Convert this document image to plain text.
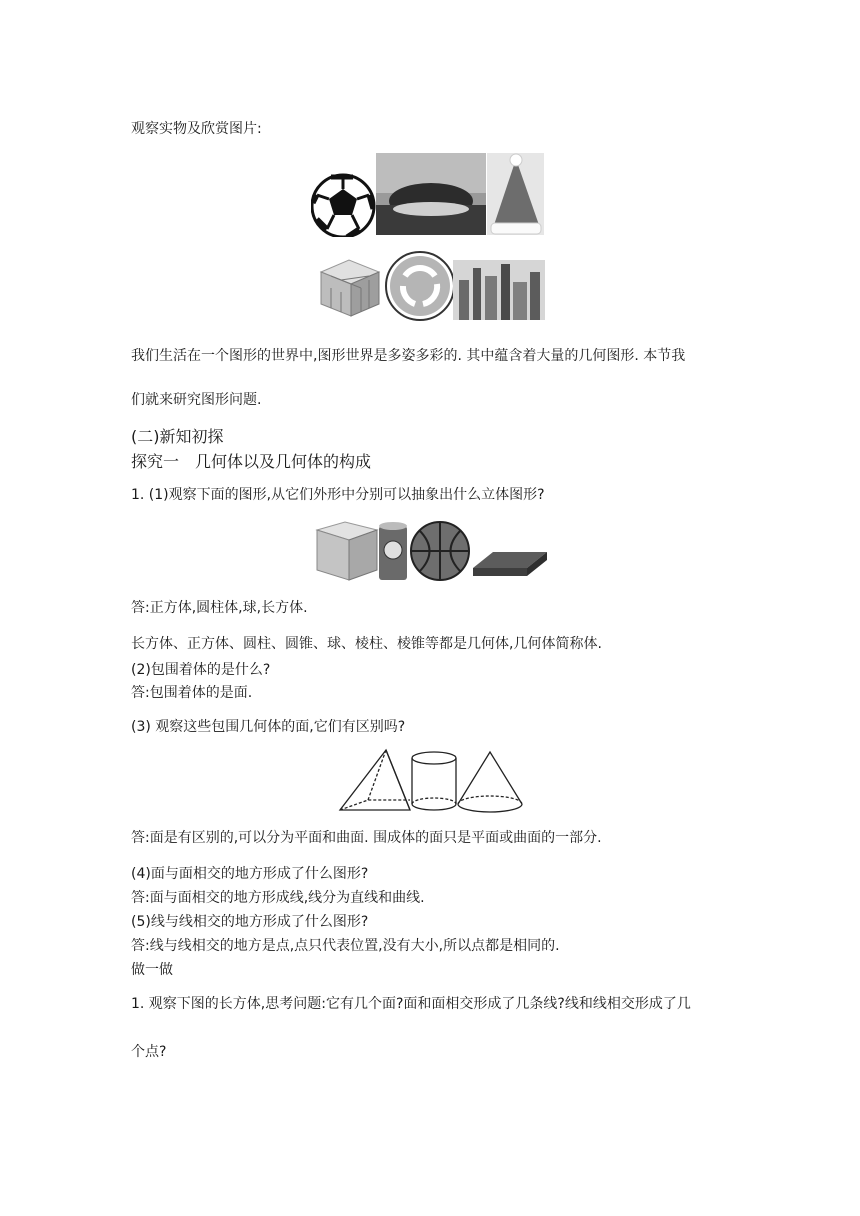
观察实物及欣赏图片:
我们生活在一个图形的世界中,图形世界是多姿多彩的. 其中蕴含着大量的几何图形. 本节我
们就来研究图形问题.
(二)新知初探
探究一　几何体以及几何体的构成
1. (1)观察下面的图形,从它们外形中分别可以抽象出什么立体图形?
答:正方体,圆柱体,球,长方体.
长方体、正方体、圆柱、圆锥、球、棱柱、棱锥等都是几何体,几何体简称体.
(2)包围着体的是什么?
答:包围着体的是面.
(3) 观察这些包围几何体的面,它们有区别吗?
答:面是有区别的,可以分为平面和曲面. 围成体的面只是平面或曲面的一部分.
(4)面与面相交的地方形成了什么图形?
答:面与面相交的地方形成线,线分为直线和曲线.
(5)线与线相交的地方形成了什么图形?
答:线与线相交的地方是点,点只代表位置,没有大小,所以点都是相同的.
做一做
1. 观察下图的长方体,思考问题:它有几个面?面和面相交形成了几条线?线和线相交形成了几
个点?
